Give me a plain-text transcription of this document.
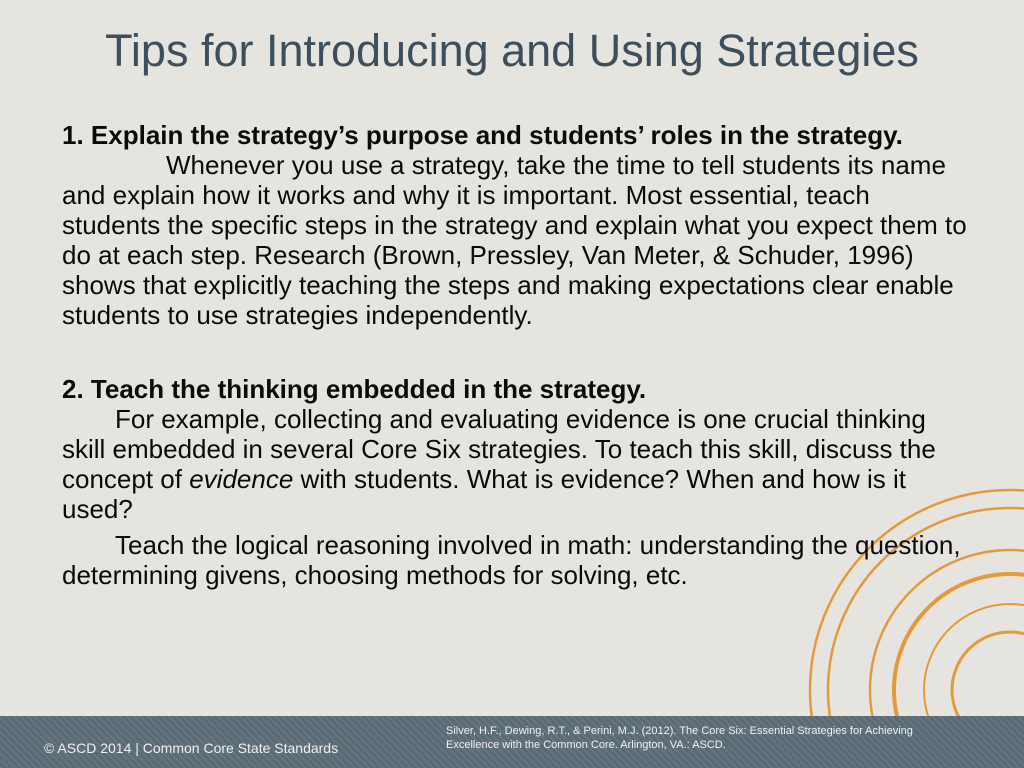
Tips for Introducing and Using Strategies

1. Explain the strategy’s purpose and students’ roles in the strategy.

Whenever you use a strategy, take the time to tell students its name and explain how it works and why it is important. Most essential, teach students the specific steps in the strategy and explain what you expect them to do at each step. Research (Brown, Pressley, Van Meter, & Schuder, 1996) shows that explicitly teaching the steps and making expectations clear enable students to use strategies independently.

2. Teach the thinking embedded in the strategy.

For example, collecting and evaluating evidence is one crucial thinking skill embedded in several Core Six strategies. To teach this skill, discuss the concept of evidence with students. What is evidence? When and how is it used?

Teach the logical reasoning involved in math: understanding the question, determining givens, choosing methods for solving, etc.

© ASCD 2014 | Common Core State Standards
Silver, H.F., Dewing, R.T., & Perini, M.J. (2012). The Core Six: Essential Strategies for Achieving Excellence with the Common Core. Arlington, VA.: ASCD.
